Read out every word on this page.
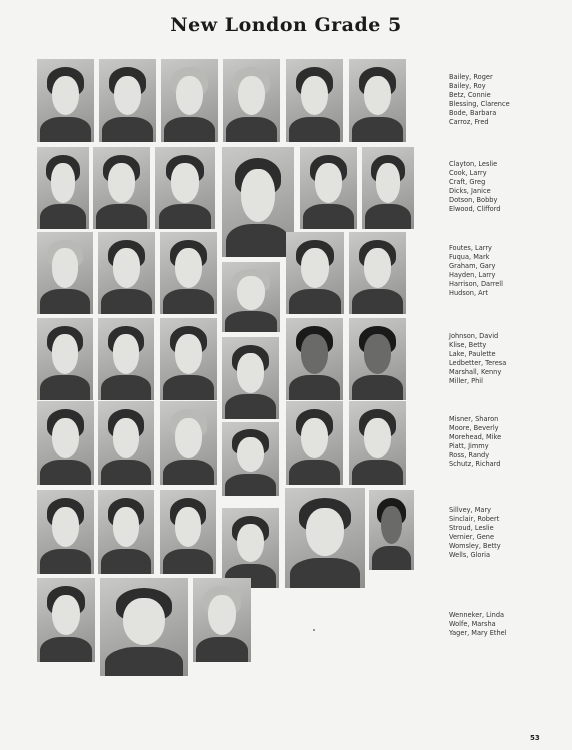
New London Grade 5
Bailey, Roger
Bailey, Roy
Betz, Connie
Blessing, Clarence
Bode, Barbara
Carroz, Fred
Clayton, Leslie
Cook, Larry
Craft, Greg
Dicks, Janice
Dotson, Bobby
Elwood, Clifford
Foutes, Larry
Fuqua, Mark
Graham, Gary
Hayden, Larry
Harrison, Darrell
Hudson, Art
Johnson, David
Klise, Betty
Lake, Paulette
Ledbetter, Teresa
Marshall, Kenny
Miller, Phil
Misner, Sharon
Moore, Beverly
Morehead, Mike
Piatt, Jimmy
Ross, Randy
Schutz, Richard
Sillvey, Mary
Sinclair, Robert
Stroud, Leslie
Vernier, Gene
Womsley, Betty
Wells, Gloria
Wenneker, Linda
Wolfe, Marsha
Yager, Mary Ethel
53
